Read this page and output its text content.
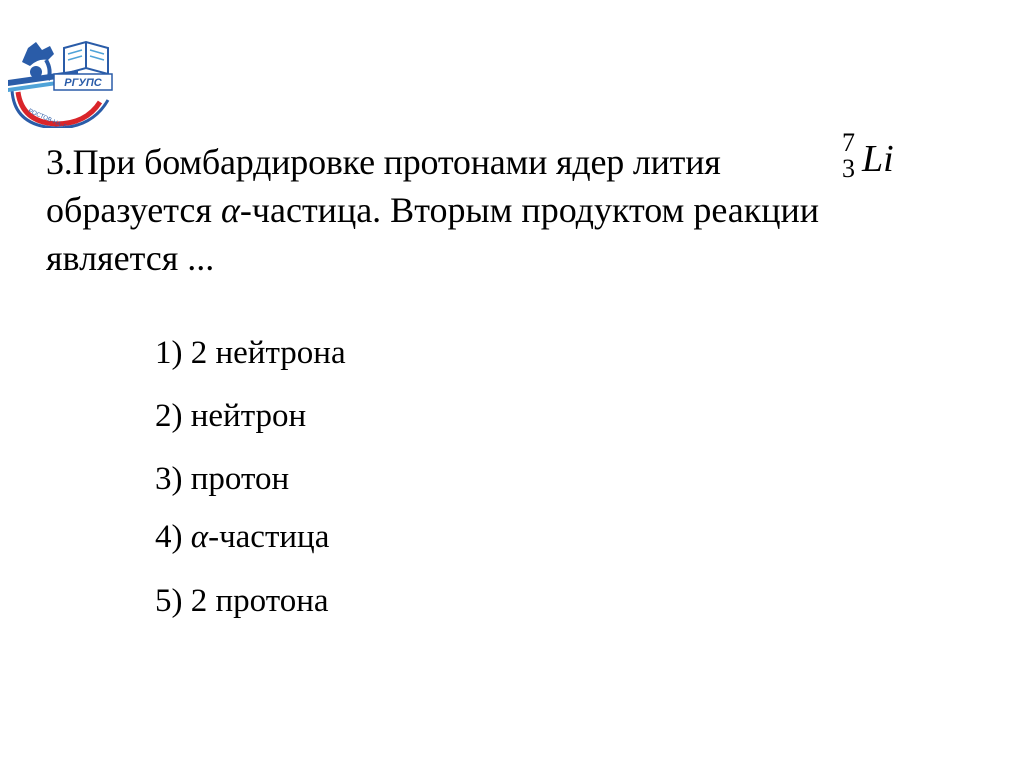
РГУПС
U
РОСТОВ-НА-ДОНУ
3.При бомбардировке протонами ядер лития
образуется α-частица. Вторым продуктом реакции
является ...
7
3 Li
1) 2 нейтрона
2) нейтрон
3) протон
4) α-частица
5) 2 протона
